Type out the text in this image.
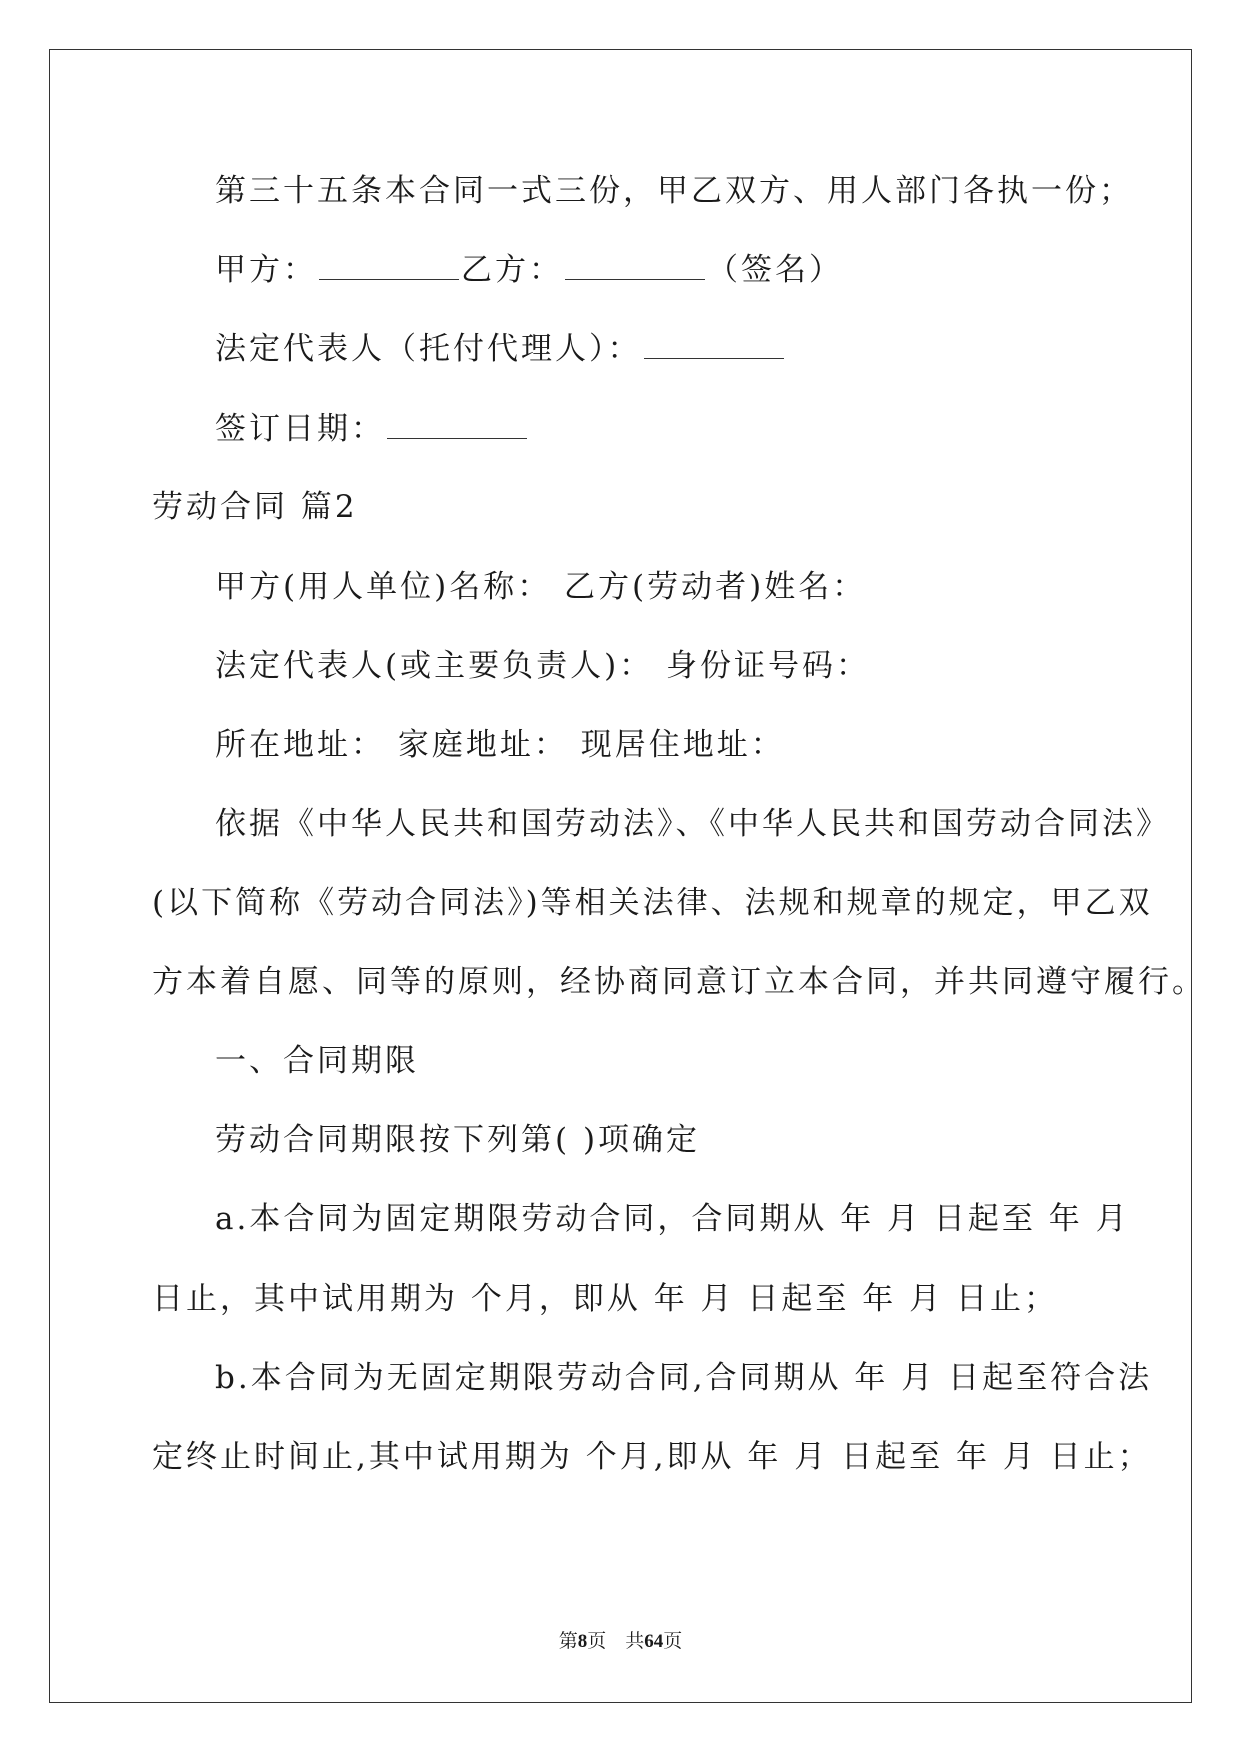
第三十五条本合同一式三份，甲乙双方、用人部门各执一份；
甲方：	乙方：	（签名）
法定代表人（托付代理人）：
签订日期：
劳动合同 篇2
甲方(用人单位)名称： 乙方(劳动者)姓名：
法定代表人(或主要负责人)： 身份证号码：
所在地址： 家庭地址： 现居住地址：
依据《中华人民共和国劳动法》、《中华人民共和国劳动合同法》
(以下简称《劳动合同法》)等相关法律、法规和规章的规定，甲乙双
方本着自愿、同等的原则，经协商同意订立本合同，并共同遵守履行。
一、合同期限
劳动合同期限按下列第( )项确定
a.本合同为固定期限劳动合同，合同期从 年 月 日起至 年 月
日止，其中试用期为 个月，即从 年 月 日起至 年 月 日止；
b.本合同为无固定期限劳动合同,合同期从 年 月 日起至符合法
定终止时间止,其中试用期为 个月,即从 年 月 日起至 年 月 日止；
第8页 共64页
